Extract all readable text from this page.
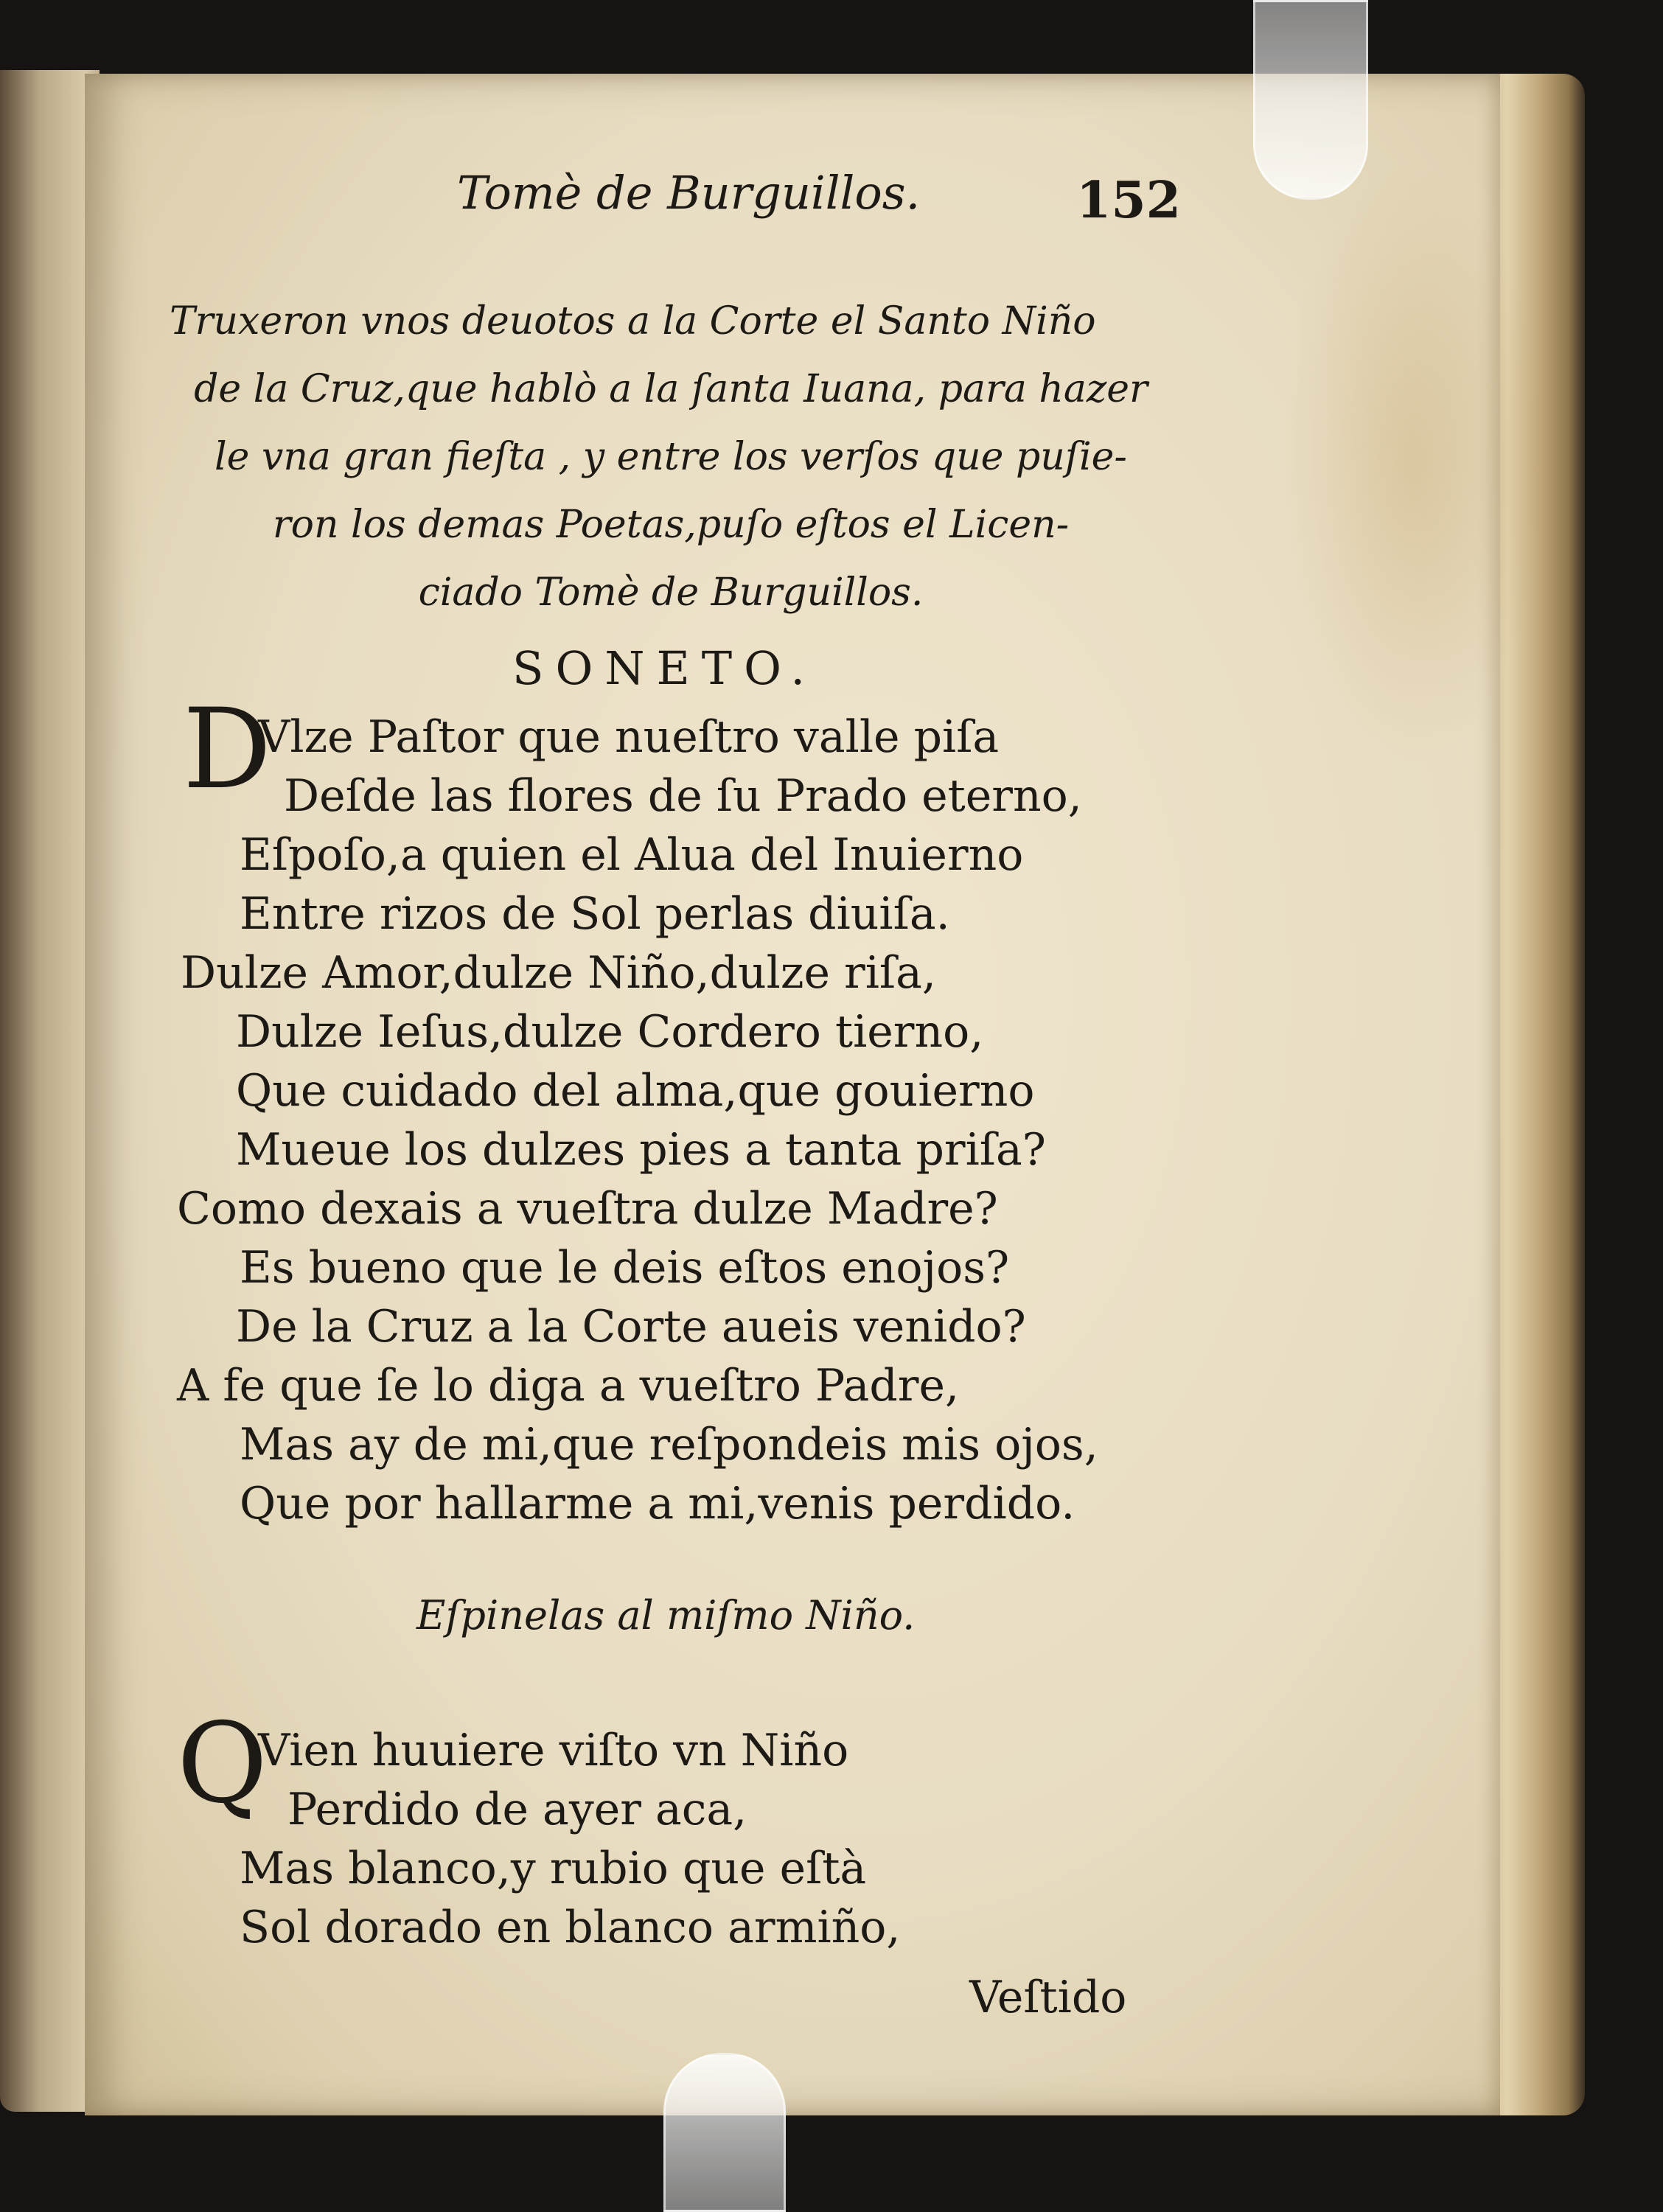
Tomè de Burguillos.	152
Truxeron vnos deuotos a la Corte el Santo Niño
de la Cruz,que hablò a la ſanta Iuana, para hazer
le vna gran fieſta , y entre los verſos que puſie-
ron los demas Poetas,puſo eſtos el Licen-
ciado Tomè de Burguillos.
SONETO.
D
Vlze Paſtor que nueſtro valle piſa
Deſde las flores de ſu Prado eterno,
Eſpoſo,a quien el Alua del Inuierno
Entre rizos de Sol perlas diuiſa.
Dulze Amor,dulze Niño,dulze riſa,
Dulze Ieſus,dulze Cordero tierno,
Que cuidado del alma,que gouierno
Mueue los dulzes pies a tanta priſa?
Como dexais a vueſtra dulze Madre?
Es bueno que le deis eſtos enojos?
De la Cruz a la Corte aueis venido?
A fe que ſe lo diga a vueſtro Padre,
Mas ay de mi,que reſpondeis mis ojos,
Que por hallarme a mi,venis perdido.
Eſpinelas al miſmo Niño.
Q
Vien huuiere viſto vn Niño
Perdido de ayer aca,
Mas blanco,y rubio que eſtà
Sol dorado en blanco armiño,
Veſtido
